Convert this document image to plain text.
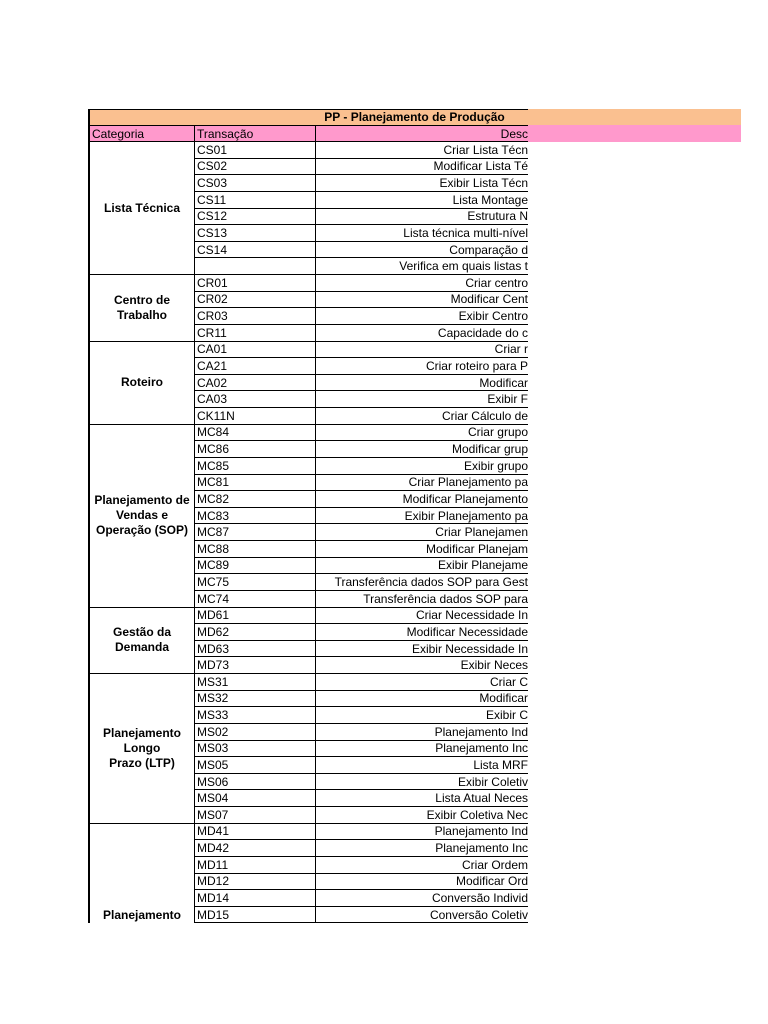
PP - Planejamento de Produção
Categoria	Transação	Desc
Lista Técnica
CS01	Criar Lista Técn
CS02	Modificar Lista Té
CS03	Exibir Lista Técn
CS11	Lista Montage
CS12	Estrutura N
CS13	Lista técnica multi-nível
CS14	Comparação d
Verifica em quais listas t
Centro de
Trabalho
CR01	Criar centro
CR02	Modificar Cent
CR03	Exibir Centro
CR11	Capacidade do c
Roteiro
CA01	Criar r
CA21	Criar roteiro para P
CA02	Modificar
CA03	Exibir F
CK11N	Criar Cálculo de
Planejamento de
Vendas e
Operação (SOP)
MC84	Criar grupo
MC86	Modificar grup
MC85	Exibir grupo
MC81	Criar Planejamento pa
MC82	Modificar Planejamento
MC83	Exibir Planejamento pa
MC87	Criar Planejamen
MC88	Modificar Planejam
MC89	Exibir Planejame
MC75	Transferência dados SOP para Gest
MC74	Transferência dados SOP para
Gestão da
Demanda
MD61	Criar Necessidade In
MD62	Modificar Necessidade
MD63	Exibir Necessidade In
MD73	Exibir Neces
Planejamento
Longo
Prazo (LTP)
MS31	Criar C
MS32	Modificar
MS33	Exibir C
MS02	Planejamento Ind
MS03	Planejamento Inc
MS05	Lista MRF
MS06	Exibir Coletiv
MS04	Lista Atual Neces
MS07	Exibir Coletiva Nec
Planejamento
MD41	Planejamento Ind
MD42	Planejamento Inc
MD11	Criar Ordem
MD12	Modificar Ord
MD14	Conversão Individ
MD15	Conversão Coletiv
